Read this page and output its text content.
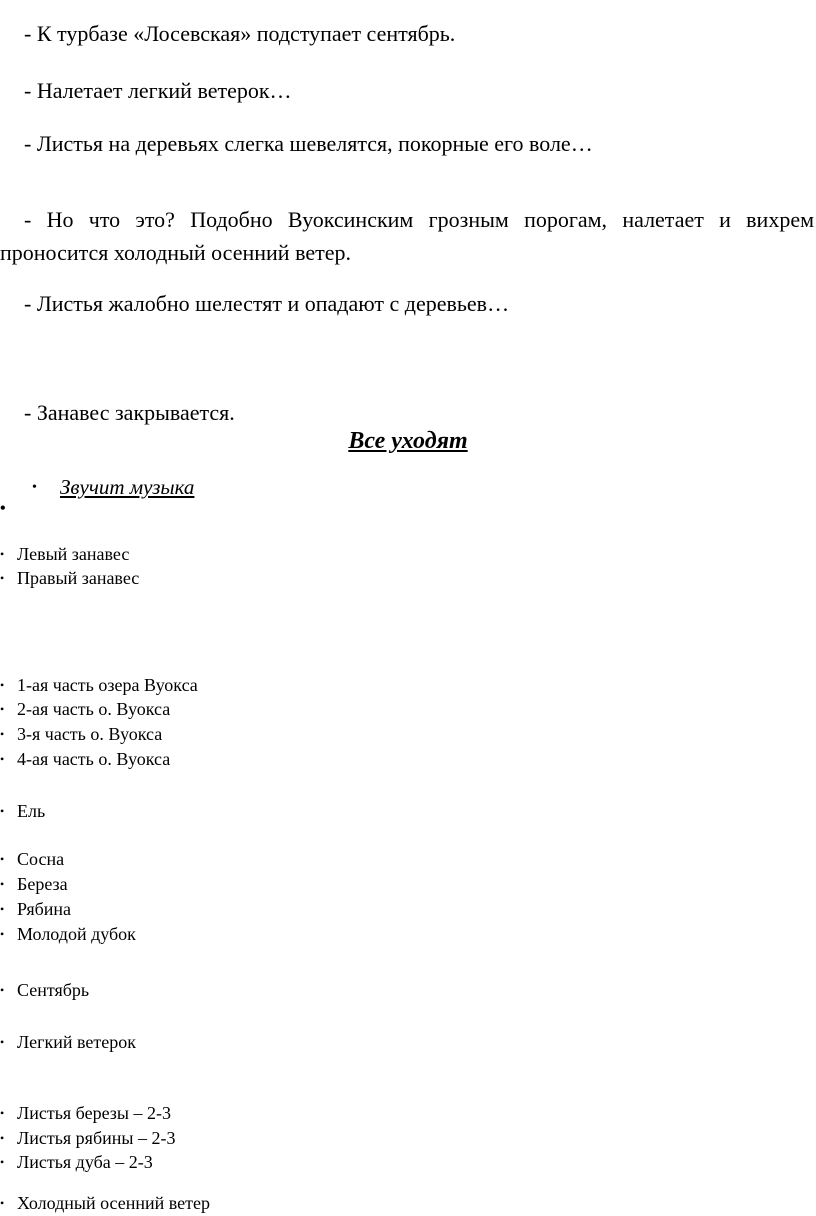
- К турбазе «Лосевская» подступает сентябрь.
- Налетает легкий ветерок…
- Листья на деревьях слегка шевелятся, покорные его воле…
- Но что это? Подобно Вуоксинским грозным порогам, налетает и вихрем
проносится холодный осенний ветер.
- Листья жалобно шелестят и опадают с деревьев…
- Занавес закрывается.
Все уходят
• Звучит музыка
•
• Левый занавес
• Правый занавес
• 1-ая часть озера Вуокса
• 2-ая часть о. Вуокса
• 3-я часть о. Вуокса
• 4-ая часть о. Вуокса
• Ель
• Сосна
• Береза
• Рябина
• Молодой дубок
• Сентябрь
• Легкий ветерок
• Листья березы – 2-3
• Листья рябины – 2-3
• Листья дуба – 2-3
• Холодный осенний ветер
